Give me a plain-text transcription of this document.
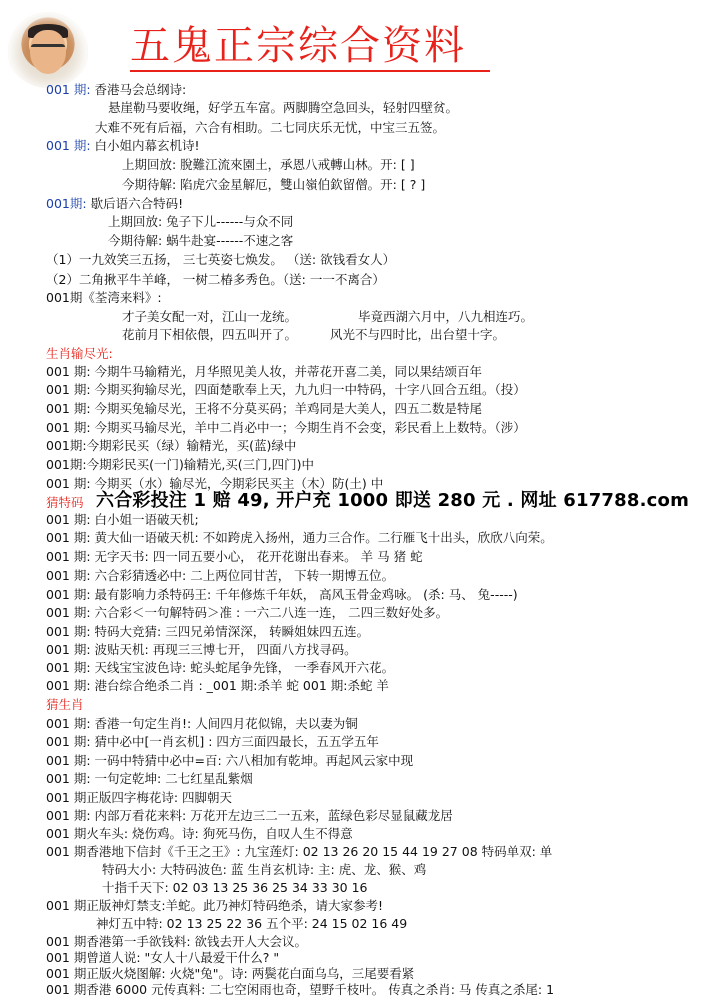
五鬼正宗综合资料
001 期: 香港马会总纲诗:
悬崖勒马要收绳，好学五车富。两脚腾空急回头，轻射四壁贫。
大难不死有后福，六合有相助。二七同庆乐无忧，中宝三五签。
001 期: 白小姐内幕玄机诗!
上期回放: 脫難江流來園土，承恩八戒轉山林。开: [ ]
今期待解: 陷虎穴金星解厄，雙山嶺伯欽留僧。开: [ ? ]
001期: 歇后语六合特码!
上期回放: 兔子下儿------与众不同
今期待解: 蜗牛赴宴------不速之客
（1）一九效笑三五扬， 三七英姿七焕发。 （送: 欲钱看女人）
（2）二角揪平牛羊峰， 一树二椿多秀色。（送: 一一不离合）
001期《荃湾来料》:
才子美女配一对，江山一龙统。	毕竟西湖六月中，八九相连巧。
花前月下相依偎，四五叫开了。	风光不与四时比，出台望十字。
生肖输尽光:
001 期: 今期牛马输精光，月华照见美人妆，并蒂花开喜二美，同以果结颂百年
001 期: 今期买狗输尽光，四面楚歌奉上天，九九归一中特码，十字八回合五组。（投）
001 期: 今期买兔输尽光，王将不分莫买码；羊鸡同是大美人，四五二数是特尾
001 期: 今期买马输尽光，羊中二肖必中一；今期生肖不会变，彩民看上上数特。（涉）
001期:今期彩民买（绿）输精光，买(蓝)绿中
001期:今期彩民买(一门)输精光,买(三门,四门)中
001 期: 今期买（水）输尽光，今期彩民买主（木）防(土) 中
猜特码 六合彩投注 1 赔 49, 开户充 1000 即送 280 元 . 网址 617788.com
001 期: 白小姐一语破天机;
001 期: 黄大仙一语破天机: 不如跨虎入扬州，通力三合作。二行雁飞十出头，欣欣八向荣。
001 期: 无字天书: 四一同五要小心， 花开花谢出春来。 羊 马 猪 蛇
001 期: 六合彩猜透必中: 二上两位同甘苦， 下转一期博五位。
001 期: 最有影响力杀特码王: 千年修炼千年妖， 高风玉骨金鸡咏。 (杀: 马、 兔-----)
001 期: 六合彩＜一句解特码＞准 : 一六二八连一连， 二四三数好处多。
001 期: 特码大竞猜: 三四兄弟情深深， 转瞬姐妹四五连。
001 期: 波贴天机: 再现三三博七开， 四面八方找寻码。
001 期: 天线宝宝波色诗: 蛇头蛇尾争先锋， 一季春风开六花。
001 期: 港台综合绝杀二肖 : _001 期:杀羊 蛇 001 期:杀蛇 羊
猜生肖
001 期: 香港一句定生肖!: 人间四月花似锦，夫以妻为铜
001 期: 猜中必中[一肖玄机] : 四方三面四最长，五五学五年
001 期: 一码中特猜中必中=百: 六八相加有乾坤。再起风云家中现
001 期: 一句定乾坤: 二七红星乱紫烟
001 期正版四字梅花诗: 四脚朝天
001 期: 内部万看花来料: 万花开左边三二一五来，蓝绿色彩尽显鼠藏龙居
001 期火车头: 烧伤鸡。诗: 狗死马伤，自叹人生不得意
001 期香港地下信封《千王之王》: 九宝莲灯: 02 13 26 20 15 44 19 27 08 特码单双: 单
特码大小: 大特码波色: 蓝 生肖玄机诗: 主: 虎、龙、猴、鸡
十指千天下: 02 03 13 25 36 25 34 33 30 16
001 期正版神灯禁支:羊蛇。此乃神灯特码绝杀，请大家参考!
神灯五中特: 02 13 25 22 36 五个平: 24 15 02 16 49
001 期香港第一手欲钱料: 欲钱去开人大会议。
001 期曾道人说: "女人十八最爱干什么? "
001 期正版火烧图解: 火烧"兔"。诗: 两鬓花白面乌乌，三尾要看紧
001 期香港 6000 元传真料: 二七空闲雨也奇，望野千枝叶。 传真之杀肖: 马 传真之杀尾: 1
